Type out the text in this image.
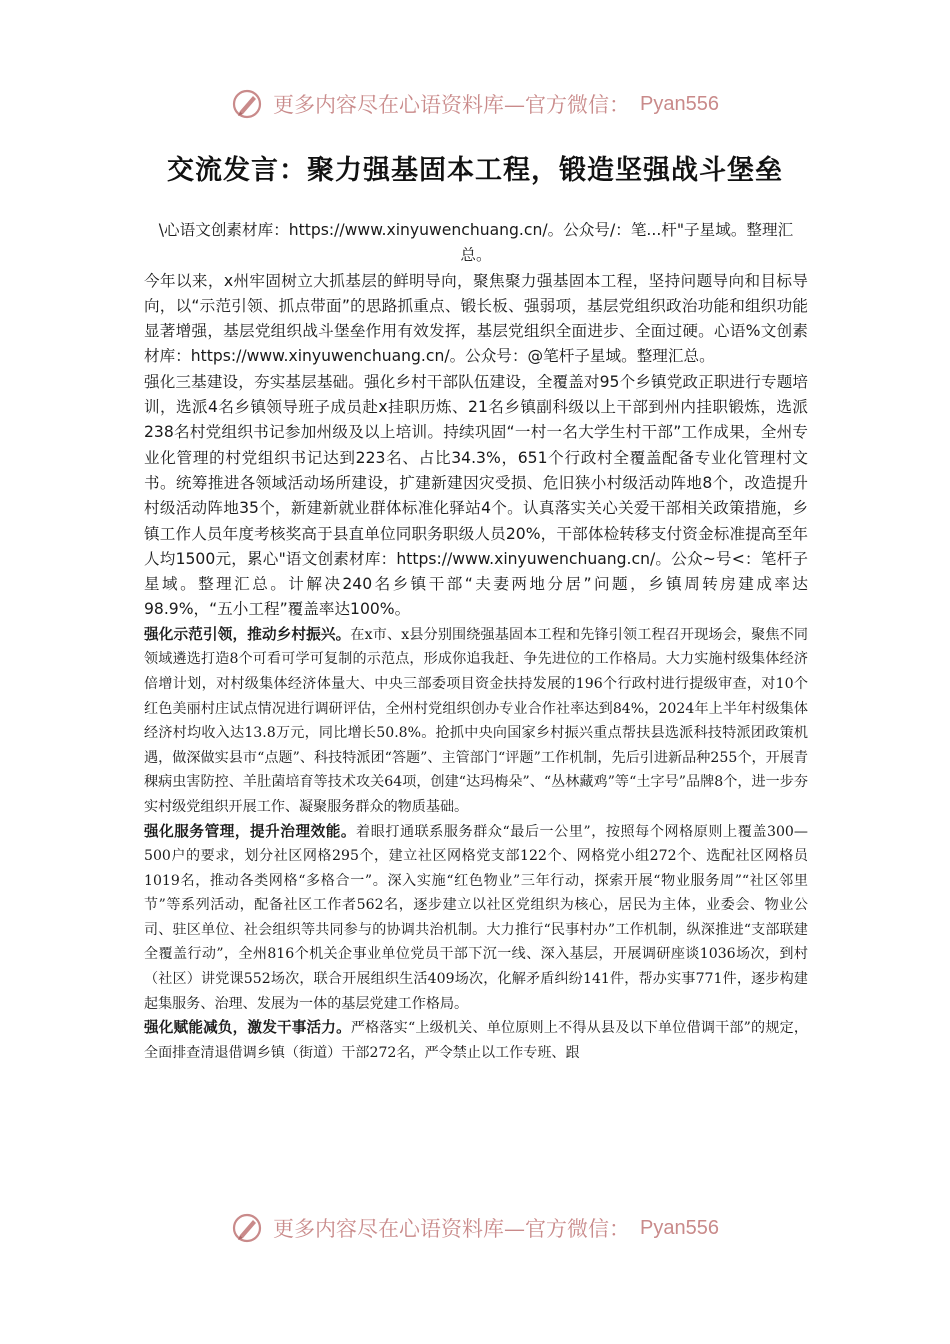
更多内容尽在心语资料库—官方微信： Pyan556
交流发言：聚力强基固本工程，锻造坚强战斗堡垒

\心语文创素材库：https://www.xinyuwenchuang.cn/。公众号/：笔...杆"子星域。整理汇总。

今年以来，x州牢固树立大抓基层的鲜明导向，聚焦聚力强基固本工程，坚持问题导向和目标导向，以“示范引领、抓点带面”的思路抓重点、锻长板、强弱项，基层党组织政治功能和组织功能显著增强，基层党组织战斗堡垒作用有效发挥，基层党组织全面进步、全面过硬。心语%文创素材库：https://www.xinyuwenchuang.cn/。公众号：@笔杆子星域。整理汇总。

强化三基建设，夯实基层基础。强化乡村干部队伍建设，全覆盖对95个乡镇党政正职进行专题培训，选派4名乡镇领导班子成员赴x挂职历炼、21名乡镇副科级以上干部到州内挂职锻炼，选派238名村党组织书记参加州级及以上培训。持续巩固“一村一名大学生村干部”工作成果，全州专业化管理的村党组织书记达到223名、占比34.3%，651个行政村全覆盖配备专业化管理村文书。统筹推进各领域活动场所建设，扩建新建因灾受损、危旧狭小村级活动阵地8个，改造提升村级活动阵地35个，新建新就业群体标准化驿站4个。认真落实关心关爱干部相关政策措施，乡镇工作人员年度考核奖高于县直单位同职务职级人员20%，干部体检转移支付资金标准提高至年人均1500元，累心"语文创素材库：https://www.xinyuwenchuang.cn/。公众~号<：笔杆子星域。整理汇总。计解决240名乡镇干部“夫妻两地分居”问题，乡镇周转房建成率达98.9%，“五小工程”覆盖率达100%。

强化示范引领，推动乡村振兴。在x市、x县分别围绕强基固本工程和先锋引领工程召开现场会，聚焦不同领域遴选打造8个可看可学可复制的示范点，形成你追我赶、争先进位的工作格局。大力实施村级集体经济倍增计划，对村级集体经济体量大、中央三部委项目资金扶持发展的196个行政村进行提级审查，对10个红色美丽村庄试点情况进行调研评估，全州村党组织创办专业合作社率达到84%，2024年上半年村级集体经济村均收入达13.8万元，同比增长50.8%。抢抓中央向国家乡村振兴重点帮扶县选派科技特派团政策机遇，做深做实县市“点题”、科技特派团“答题”、主管部门“评题”工作机制，先后引进新品种255个，开展青稞病虫害防控、羊肚菌培育等技术攻关64项，创建“达玛梅朵”、“丛林藏鸡”等“土字号”品牌8个，进一步夯实村级党组织开展工作、凝聚服务群众的物质基础。

强化服务管理，提升治理效能。着眼打通联系服务群众“最后一公里”，按照每个网格原则上覆盖300—500户的要求，划分社区网格295个，建立社区网格党支部122个、网格党小组272个、选配社区网格员1019名，推动各类网格“多格合一”。深入实施“红色物业”三年行动，探索开展“物业服务周”“社区邻里节”等系列活动，配备社区工作者562名，逐步建立以社区党组织为核心，居民为主体，业委会、物业公司、驻区单位、社会组织等共同参与的协调共治机制。大力推行“民事村办”工作机制，纵深推进“支部联建全覆盖行动”，全州816个机关企事业单位党员干部下沉一线、深入基层，开展调研座谈1036场次，到村（社区）讲党课552场次，联合开展组织生活409场次，化解矛盾纠纷141件，帮办实事771件，逐步构建起集服务、治理、发展为一体的基层党建工作格局。

强化赋能减负，激发干事活力。严格落实“上级机关、单位原则上不得从县及以下单位借调干部”的规定，全面排查清退借调乡镇（街道）干部272名，严令禁止以工作专班、跟

更多内容尽在心语资料库—官方微信： Pyan556
